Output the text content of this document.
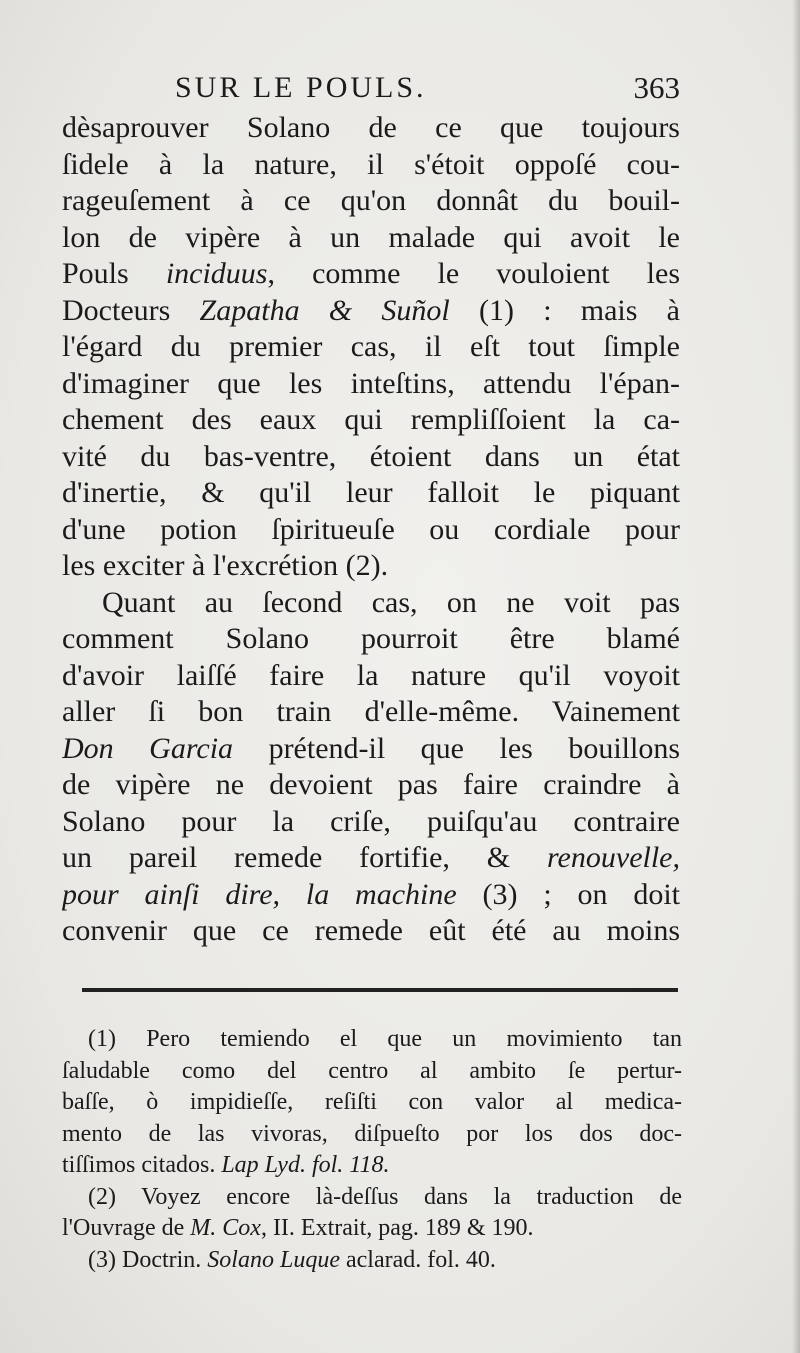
SUR LE POULS.	363
dèsaprouver Solano de ce que toujours
ſidele à la nature, il s'étoit oppoſé cou-
rageuſement à ce qu'on donnât du bouil-
lon de vipère à un malade qui avoit le
Pouls inciduus, comme le vouloient les
Docteurs Zapatha & Suñol (1) : mais à
l'égard du premier cas, il eſt tout ſimple
d'imaginer que les inteſtins, attendu l'épan-
chement des eaux qui rempliſſoient la ca-
vité du bas-ventre, étoient dans un état
d'inertie, & qu'il leur falloit le piquant
d'une potion ſpiritueuſe ou cordiale pour
les exciter à l'excrétion (2).
Quant au ſecond cas, on ne voit pas
comment Solano pourroit être blamé
d'avoir laiſſé faire la nature qu'il voyoit
aller ſi bon train d'elle-même. Vainement
Don Garcia prétend-il que les bouillons
de vipère ne devoient pas faire craindre à
Solano pour la criſe, puiſqu'au contraire
un pareil remede fortifie, & renouvelle,
pour ainſi dire, la machine (3) ; on doit
convenir que ce remede eût été au moins
(1) Pero temiendo el que un movimiento tan
ſaludable como del centro al ambito ſe pertur-
baſſe, ò impidieſſe, reſiſti con valor al medica-
mento de las vivoras, diſpueſto por los dos doc-
tiſſimos citados. Lap Lyd. fol. 118.
(2) Voyez encore là-deſſus dans la traduction de
l'Ouvrage de M. Cox, II. Extrait, pag. 189 & 190.
(3) Doctrin. Solano Luque aclarad. fol. 40.
